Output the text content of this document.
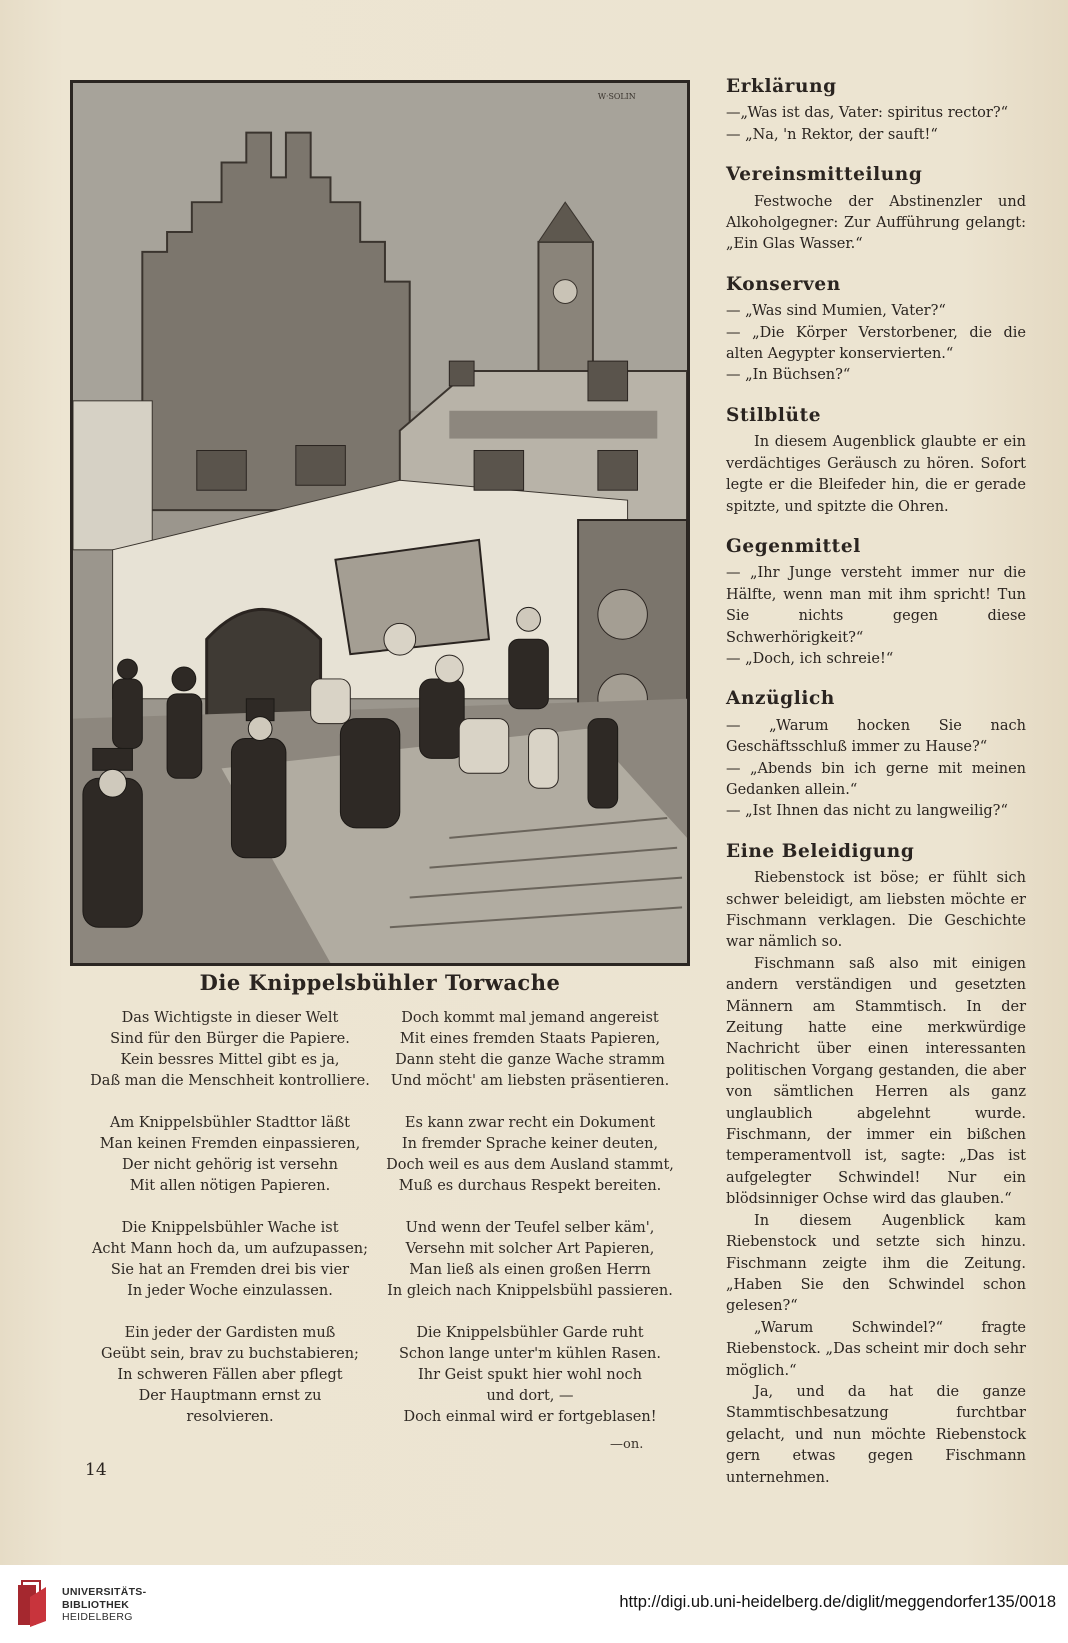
W·SOLIN
Die Knippelsbühler Torwache
Das Wichtigste in dieser Welt
Sind für den Bürger die Papiere.
Kein bessres Mittel gibt es ja,
Daß man die Menschheit kontrolliere.
Am Knippelsbühler Stadttor läßt
Man keinen Fremden einpassieren,
Der nicht gehörig ist versehn
Mit allen nötigen Papieren.
Die Knippelsbühler Wache ist
Acht Mann hoch da, um aufzupassen;
Sie hat an Fremden drei bis vier
In jeder Woche einzulassen.
Ein jeder der Gardisten muß
Geübt sein, brav zu buchstabieren;
In schweren Fällen aber pflegt
Der Hauptmann ernst zu
resolvieren.
Doch kommt mal jemand angereist
Mit eines fremden Staats Papieren,
Dann steht die ganze Wache stramm
Und möcht' am liebsten präsentieren.
Es kann zwar recht ein Dokument
In fremder Sprache keiner deuten,
Doch weil es aus dem Ausland stammt,
Muß es durchaus Respekt bereiten.
Und wenn der Teufel selber käm',
Versehn mit solcher Art Papieren,
Man ließ als einen großen Herrn
In gleich nach Knippelsbühl passieren.
Die Knippelsbühler Garde ruht
Schon lange unter'm kühlen Rasen.
Ihr Geist spukt hier wohl noch
und dort, —
Doch einmal wird er fortgeblasen!
—on.
14
Erklärung

—„Was ist das, Vater: spiritus rector?“

— „Na, 'n Rektor, der sauft!“

Vereinsmitteilung

Festwoche der Abstinenzler und Alkoholgegner: Zur Aufführung gelangt: „Ein Glas Wasser.“

Konserven

— „Was sind Mumien, Vater?“

— „Die Körper Verstorbener, die die alten Aegypter konservierten.“

— „In Büchsen?“

Stilblüte

In diesem Augenblick glaubte er ein verdächtiges Geräusch zu hören. Sofort legte er die Bleifeder hin, die er gerade spitzte, und spitzte die Ohren.

Gegenmittel

— „Ihr Junge versteht immer nur die Hälfte, wenn man mit ihm spricht! Tun Sie nichts gegen diese Schwerhörigkeit?“

— „Doch, ich schreie!“

Anzüglich

— „Warum hocken Sie nach Geschäftsschluß immer zu Hause?“

— „Abends bin ich gerne mit meinen Gedanken allein.“

— „Ist Ihnen das nicht zu langweilig?“

Eine Beleidigung

Riebenstock ist böse; er fühlt sich schwer beleidigt, am liebsten möchte er Fischmann verklagen. Die Geschichte war nämlich so.

Fischmann saß also mit einigen andern verständigen und gesetzten Männern am Stammtisch. In der Zeitung hatte eine merkwürdige Nachricht über einen interessanten politischen Vorgang gestanden, die aber von sämtlichen Herren als ganz unglaublich abgelehnt wurde. Fischmann, der immer ein bißchen temperamentvoll ist, sagte: „Das ist aufgelegter Schwindel! Nur ein blödsinniger Ochse wird das glauben.“

In diesem Augenblick kam Riebenstock und setzte sich hinzu. Fischmann zeigte ihm die Zeitung. „Haben Sie den Schwindel schon gelesen?“

„Warum Schwindel?“ fragte Riebenstock. „Das scheint mir doch sehr möglich.“

Ja, und da hat die ganze Stammtischbesatzung furchtbar gelacht, und nun möchte Riebenstock gern etwas gegen Fischmann unternehmen.

UNIVERSITÄTS-
BIBLIOTHEK
HEIDELBERG
http://digi.ub.uni-heidelberg.de/diglit/meggendorfer135/0018
